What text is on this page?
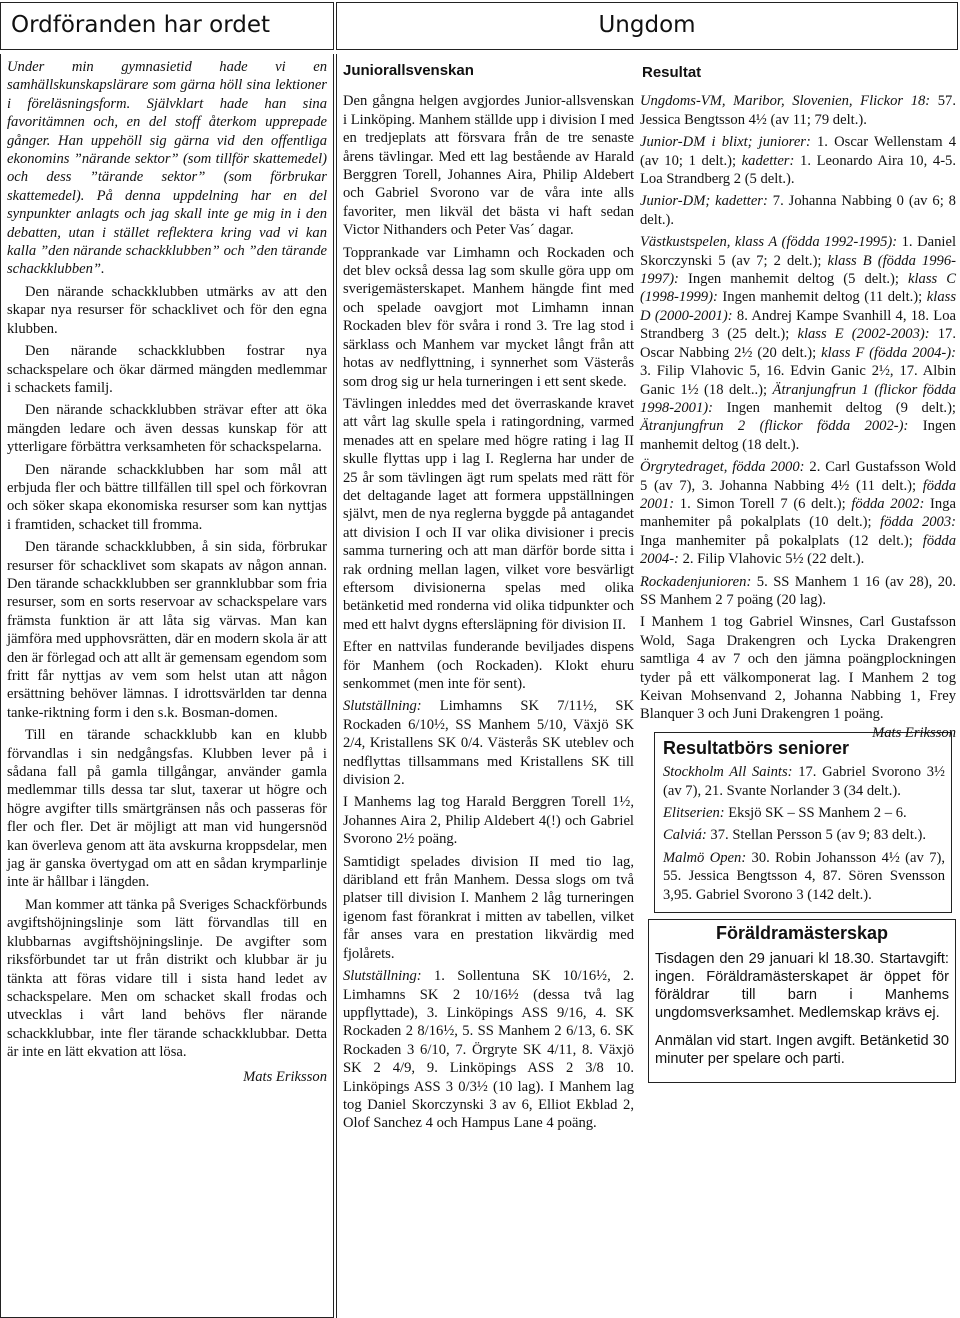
Ordföranden har ordet	Ungdom

Under min gymnasietid hade vi en samhällskunskapslärare som gärna höll sina lektioner i föreläsningsform. Självklart hade han sina favoritämnen och, en del stoff återkom upprepade gånger. Han uppehöll sig gärna vid den offentliga ekonomins ”närande sektor” (som tillför skattemedel) och dess ”tärande sektor” (som förbrukar skattemedel). På denna uppdelning har en del synpunkter anlagts och jag skall inte ge mig in i den debatten, utan i stället reflektera kring vad vi kan kalla ”den närande schackklubben” och ”den tärande schackklubben”.

Den närande schackklubben utmärks av att den skapar nya resurser för schacklivet och för den egna klubben.

Den närande schackklubben fostrar nya schackspelare och ökar därmed mängden medlemmar i schackets familj.

Den närande schackklubben strävar efter att öka mängden ledare och även dessas kunskap för att ytterligare förbättra verksamheten för schackspelarna.

Den närande schackklubben har som mål att erbjuda fler och bättre tillfällen till spel och förkovran och söker skapa ekonomiska resurser som kan nyttjas i framtiden, schacket till fromma.

Den tärande schackklubben, å sin sida, förbrukar resurser för schacklivet som skapats av någon annan. Den tärande schackklubben ser grannklubbar som fria resurser, som en sorts reservoar av schackspelare vars främsta funktion är att låta sig värvas. Man kan jämföra med upphovsrätten, där en modern skola är att den är förlegad och att allt är gemensam egendom som fritt får nyttjas av vem som helst utan att någon ersättning behöver lämnas. I idrottsvärlden tar denna tanke-riktning form i den s.k. Bosman-domen.

Till en tärande schackklubb kan en klubb förvandlas i sin nedgångsfas. Klubben lever på i sådana fall på gamla tillgångar, använder gamla medlemmar tills dessa tar slut, taxerar ut högre och högre avgifter tills smärtgränsen nås och passeras för fler och fler. Det är möjligt att man vid hungersnöd kan överleva genom att äta avskurna kroppsdelar, men jag är ganska övertygad om att en sådan krymparlinje inte är hållbar i längden.

Man kommer att tänka på Sveriges Schackförbunds avgiftshöjningslinje som lätt förvandlas till en klubbarnas avgiftshöjningslinje. De avgifter som riksförbundet tar ut från distrikt och klubbar är ju tänkta att föras vidare till i sista hand ledet av schackspelare. Men om schacket skall frodas och utvecklas i vårt land behövs fler närande schackklubbar, inte fler tärande schackklubbar. Detta är inte en lätt ekvation att lösa.

Mats Eriksson

Juniorallsvenskan

Den gångna helgen avgjordes Junior-allsvenskan i Linköping. Manhem ställde upp i division I med en tredjeplats att försvara från de tre senaste årens tävlingar. Med ett lag bestående av Harald Berggren Torell, Johannes Aira, Philip Aldebert och Gabriel Svorono var de våra inte alls favoriter, men likväl det bästa vi haft sedan Victor Nithanders och Peter Vas´ dagar.

Topprankade var Limhamn och Rockaden och det blev också dessa lag som skulle göra upp om sverigemästerskapet. Manhem hängde fint med och spelade oavgjort mot Limhamn innan Rockaden blev för svåra i rond 3. Tre lag stod i särklass och Manhem var mycket långt från att hotas av nedflyttning, i synnerhet som Västerås som drog sig ur hela turneringen i ett sent skede.

Tävlingen inleddes med det överraskande kravet att vårt lag skulle spela i ratingordning, varmed menades att en spelare med högre rating i lag II skulle flyttas upp i lag I. Reglerna har under de 25 år som tävlingen ägt rum spelats med rätt för det deltagande laget att formera uppställningen självt, men de nya reglerna byggde på antagandet att division I och II var olika divisioner i precis samma turnering och att man därför borde sitta i rak ordning mellan lagen, vilket vore besvärligt eftersom divisionerna spelas med olika betänketid med ronderna vid olika tidpunkter och med ett halvt dygns eftersläpning för division II.

Efter en nattvilas funderande beviljades dispens för Manhem (och Rockaden). Klokt ehuru senkommet (men inte för sent).

Slutställning: Limhamns SK 7/11½, SK Rockaden 6/10½, SS Manhem 5/10, Växjö SK 2/4, Kristallens SK 0/4. Västerås SK uteblev och nedflyttas tillsammans med Kristallens SK till division 2.

I Manhems lag tog Harald Berggren Torell 1½, Johannes Aira 2, Philip Aldebert 4(!) och Gabriel Svorono 2½ poäng.

Samtidigt spelades division II med tio lag, däribland ett från Manhem. Dessa slogs om två platser till division I. Manhem 2 låg turneringen igenom fast förankrat i mitten av tabellen, vilket får anses vara en prestation likvärdig med fjolårets.

Slutställning: 1. Sollentuna SK 10/16½, 2. Limhamns SK 2 10/16½ (dessa två lag uppflyttade), 3. Linköpings ASS 9/16, 4. SK Rockaden 2 8/16½, 5. SS Manhem 2 6/13, 6. SK Rockaden 3 6/10, 7. Örgryte SK 4/11, 8. Växjö SK 2 4/9, 9. Linköpings ASS 2 3/8 10. Linköpings ASS 3 0/3½ (10 lag). I Manhem lag tog Daniel Skorczynski 3 av 6, Elliot Ekblad 2, Olof Sanchez 4 och Hampus Lane 4 poäng.

Resultat

Ungdoms-VM, Maribor, Slovenien, Flickor 18: 57. Jessica Bengtsson 4½ (av 11; 79 delt.).

Junior-DM i blixt; juniorer: 1. Oscar Wellenstam 4 (av 10; 1 delt.); kadetter: 1. Leonardo Aira 10, 4-5. Loa Strandberg 2 (5 delt.).

Junior-DM; kadetter: 7. Johanna Nabbing 0 (av 6; 8 delt.).

Västkustspelen, klass A (födda 1992-1995): 1. Daniel Skorczynski 5 (av 7; 2 delt.); klass B (födda 1996-1997): Ingen manhemit deltog (5 delt.); klass C (1998-1999): Ingen manhemit deltog (11 delt.); klass D (2000-2001): 8. Andrej Kampe Svanhill 4, 18. Loa Strandberg 3 (25 delt.); klass E (2002-2003): 17. Oscar Nabbing 2½ (20 delt.); klass F (födda 2004-): 3. Filip Vlahovic 5, 16. Edvin Ganic 2½, 17. Albin Ganic 1½ (18 delt..); Ätranjungfrun 1 (flickor födda 1998-2001): Ingen manhemit deltog (9 delt.); Ätranjungfrun 2 (flickor födda 2002-): Ingen manhemit deltog (18 delt.).

Örgrytedraget, födda 2000: 2. Carl Gustafsson Wold 5 (av 7), 3. Johanna Nabbing 4½ (11 delt.); födda 2001: 1. Simon Torell 7 (6 delt.); födda 2002: Inga manhemiter på pokalplats (10 delt.); födda 2003: Inga manhemiter på pokalplats (12 delt.); födda 2004-: 2. Filip Vlahovic 5½ (22 delt.).

Rockadenjunioren: 5. SS Manhem 1 16 (av 28), 20. SS Manhem 2 7 poäng (20 lag).

I Manhem 1 tog Gabriel Winsnes, Carl Gustafsson Wold, Saga Drakengren och Lycka Drakengren samtliga 4 av 7 och den jämna poängplockningen tyder på ett välkomponerat lag. I Manhem 2 tog Keivan Mohsenvand 2, Johanna Nabbing 1, Frey Blanquer 3 och Juni Drakengren 1 poäng.
Mats Eriksson

Resultatbörs seniorer

Stockholm All Saints: 17. Gabriel Svorono 3½ (av 7), 21. Svante Norlander 3 (34 delt.).

Elitserien: Eksjö SK – SS Manhem 2 – 6.

Calviá: 37. Stellan Persson 5 (av 9; 83 delt.).

Malmö Open: 30. Robin Johansson 4½ (av 7), 55. Jessica Bengtsson 4, 87. Sören Svensson 3,95. Gabriel Svorono 3 (142 delt.).

Föräldramästerskap

Tisdagen den 29 januari kl 18.30. Startavgift: ingen. Föräldramästerskapet är öppet för föräldrar till barn i Manhems ungdomsverksamhet. Medlemskap krävs ej.

Anmälan vid start. Ingen avgift. Betänketid 30 minuter per spelare och parti.
